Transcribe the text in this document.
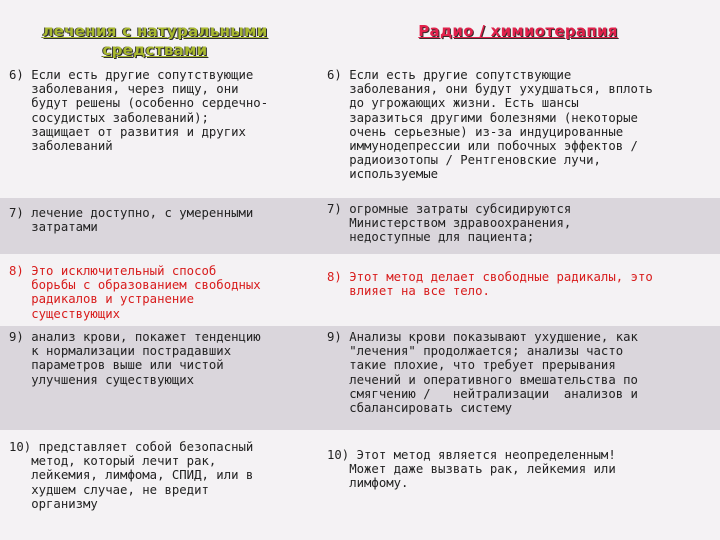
лечения с натуральными
средствами
Радио / химиотерапия
6) Если есть другие сопутствующие
заболевания, через пищу, они
будут решены (особенно сердечно-
сосудистых заболеваний);
защищает от развития и других
заболеваний
6) Если есть другие сопутствующие
заболевания, они будут ухудшаться, вплоть
до угрожающих жизни. Есть шансы
заразиться другими болезнями (некоторые
очень серьезные) из-за индуцированные
иммунодепрессии или побочных эффектов /
радиоизотопы / Рентгеновские лучи,
используемые
7) лечение доступно, с умеренными
затратами
7) огромные затраты субсидируются
Министерством здравоохранения,
недоступные для пациента;
8) Это исключительный способ
борьбы с образованием свободных
радикалов и устранение
существующих
8) Этот метод делает свободные радикалы, это
влияет на все тело.
9) анализ крови, покажет тенденцию
к нормализации пострадавших
параметров выше или чистой
улучшения существующих
9) Анализы крови показывают ухудшение, как
"лечения" продолжается; анализы часто
такие плохие, что требует прерывания
лечений и оперативного вмешательства по
смягчению /   нейтрализации  анализов и
сбалансировать систему
10) представляет собой безопасный
метод, который лечит рак,
лейкемия, лимфома, СПИД, или в
худшем случае, не вредит
организму
10) Этот метод является неопределенным!
Может даже вызвать рак, лейкемия или
лимфому.
